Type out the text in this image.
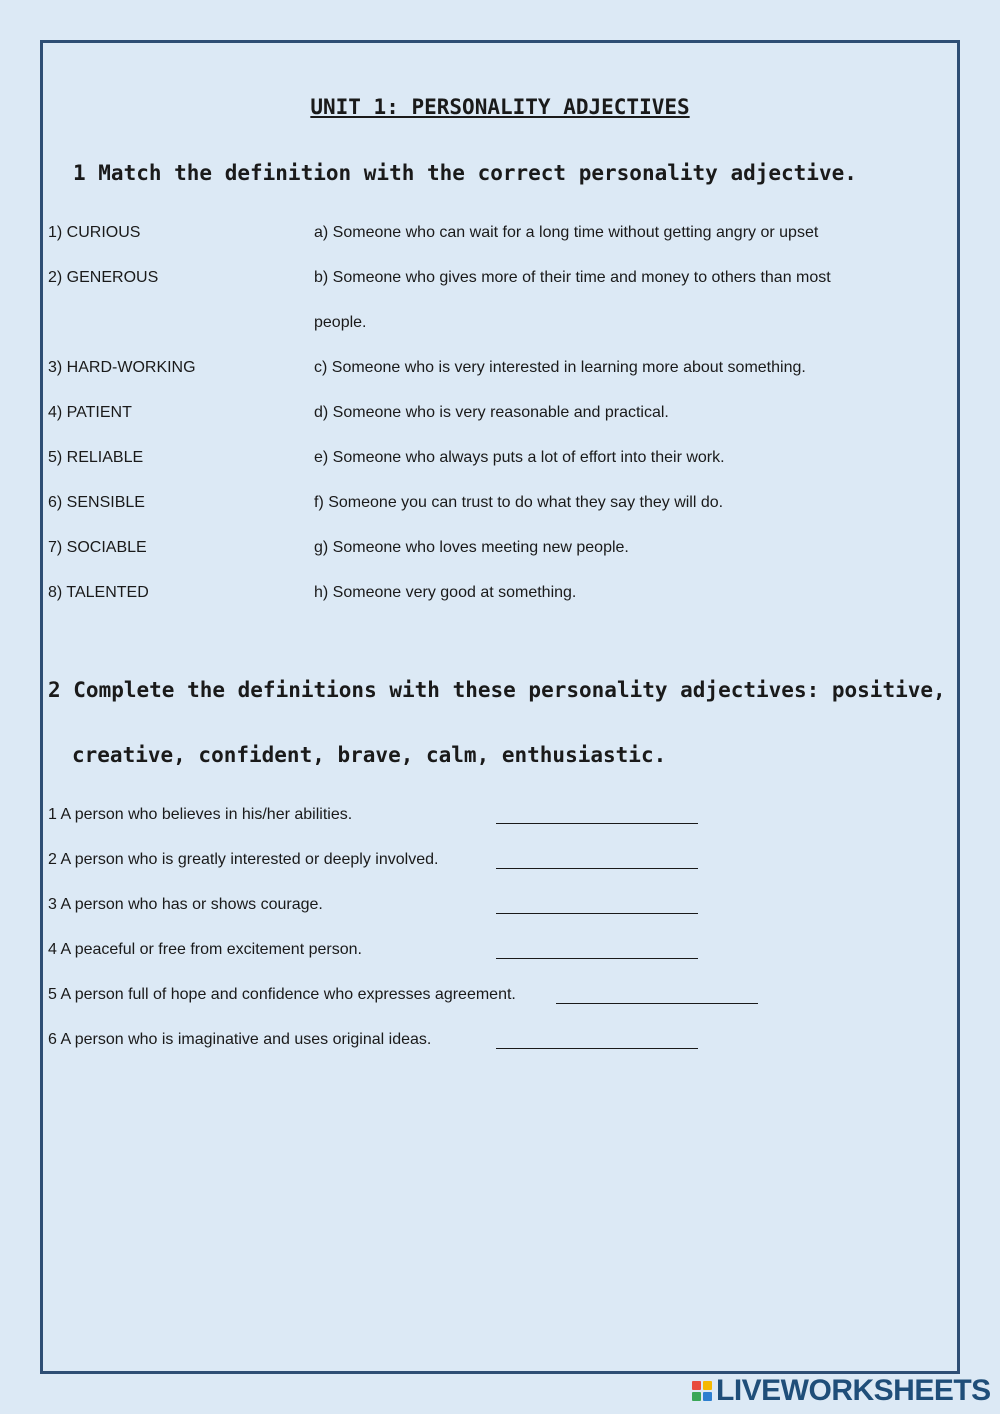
UNIT 1: PERSONALITY ADJECTIVES
1 Match the definition with the correct personality adjective.
1) CURIOUS
2) GENEROUS
3) HARD-WORKING
4) PATIENT
5) RELIABLE
6) SENSIBLE
7) SOCIABLE
8) TALENTED
a) Someone who can wait for a long time without getting angry or upset
b) Someone who gives more of their time and money to others than most
people.
c) Someone who is very interested in learning more about something.
d) Someone who is very reasonable and practical.
e) Someone who always puts a lot of effort into their work.
f) Someone you can trust to do what they say they will do.
g) Someone who loves meeting new people.
h) Someone very good at something.
2 Complete the definitions with these personality adjectives: positive,
creative, confident, brave, calm, enthusiastic.
1 A person who believes in his/her abilities.
2 A person who is greatly interested or deeply involved.
3 A person who has or shows courage.
4 A peaceful or free from excitement person.
5 A person full of hope and confidence who expresses agreement.
6 A person who is imaginative and uses original ideas.
LIVEWORKSHEETS
